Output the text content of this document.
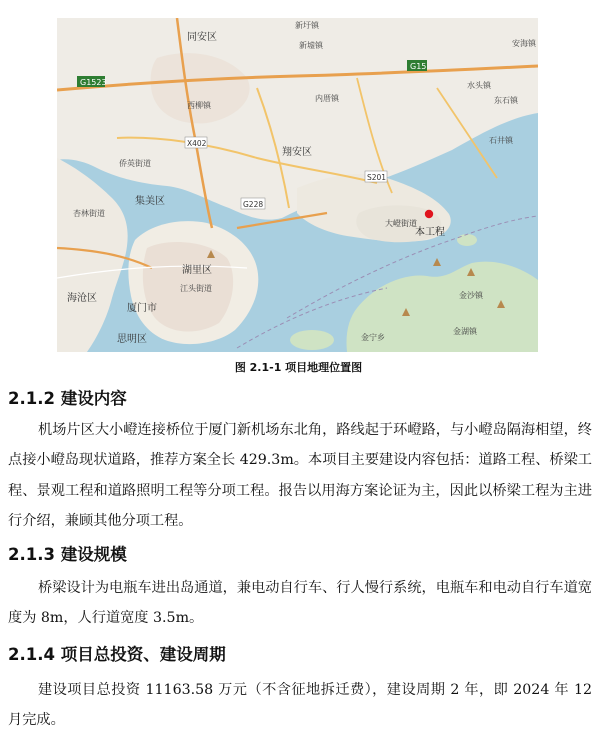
同安区
新圩镇
新墟镇	安海镇
水头镇
东石镇
石井镇
内厝镇
翔安区
西柳镇
侨英街道
集美区
杏林街道
大嶝街道
本工程
湖里区
江头街道
海沧区
厦门市
思明区
金沙镇
金湖镇
金宁乡
G1523
G15
X402
G228
S201
图 2.1-1 项目地理位置图
2.1.2 建设内容

机场片区大小嶝连接桥位于厦门新机场东北角，路线起于环嶝路，与小嶝岛隔海相望，终点接小嶝岛现状道路，推荐方案全长 429.3m。本项目主要建设内容包括：道路工程、桥梁工程、景观工程和道路照明工程等分项工程。报告以用海方案论证为主，因此以桥梁工程为主进行介绍，兼顾其他分项工程。

2.1.3 建设规模

桥梁设计为电瓶车进出岛通道，兼电动自行车、行人慢行系统，电瓶车和电动自行车道宽度为 8m，人行道宽度 3.5m。

2.1.4 项目总投资、建设周期

建设项目总投资 11163.58 万元（不含征地拆迁费），建设周期 2 年，即 2024 年 12 月完成。
